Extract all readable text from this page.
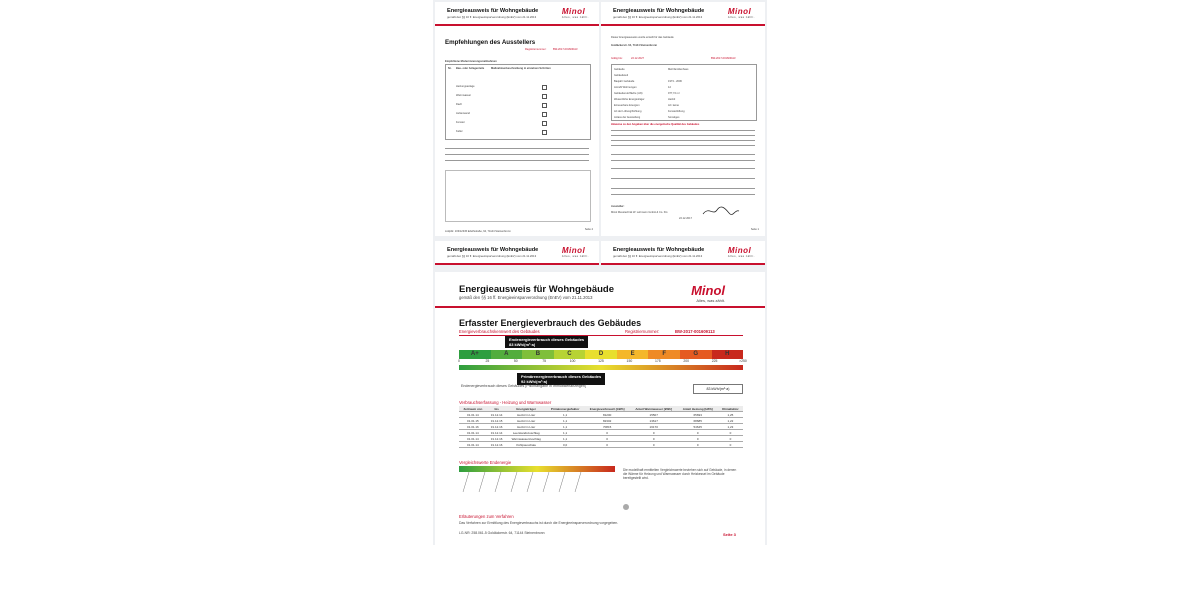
Energieausweis für Wohngebäude
gemäß den §§ 16 ff. Energieeinsparverordnung (EnEV) vom 21.11.2013
Minol
Alles, was zählt.
Empfehlungen des Ausstellers
Registriernummer:	BW-2017-001609113
Empfohlene Modernisierungsmaßnahmen
Nr. Bau- oder Anlagenteile	Maßnahmenbeschreibung in einzelnen Schritten
Heizungsanlage
Warmwasser
Dach
Außenwand
Fenster
Keller
Lüdpiltr. 103/12345 Edelhstraße, 64, 71144 Steinenbronn
Seite 4
Energieausweis für Wohngebäude
gemäß den §§ 16 ff. Energieeinsparverordnung (EnEV) vom 21.11.2013
Minol
Alles, was zählt.
Dieser Energieausweis wurde erstellt für das Gebäude
Goldäckerstr. 64, 71144 Steinenbronn
Gültig bis:	22.12.2027	BW-2017-001609113
Gebäude	Mehrfamilienhaus
Gebäudeteil
Baujahr Gebäude	1973 - 2006
Anzahl Wohnungen	12
Gebäudenutzfläche (AN)	977,72 m²
Wesentliche Energieträger	Heizöl
Erneuerbare Energien	Art: keine
Art der Lüftung/Kühlung	Fensterlüftung
Anlass der Ausstellung	Sonstiges
Hinweise zu den Angaben über die energetische Qualität des Gebäudes
Aussteller:
Minol Messtechnik W. Lehmann GmbH & Co. KG
22.12.2017
Seite 1
Energieausweis für Wohngebäude
gemäß den §§ 16 ff. Energieeinsparverordnung (EnEV) vom 21.11.2013
Minol
Alles, was zählt.
Energieausweis für Wohngebäude
gemäß den §§ 16 ff. Energieeinsparverordnung (EnEV) vom 21.11.2013
Minol
Alles, was zählt.
Energieausweis für Wohngebäude
gemäß den §§ 16 ff. Energieeinsparverordnung (EnEV) vom 21.11.2013	Minol
Alles, was zählt.
Erfasster Energieverbrauch des Gebäudes
Energieverbrauchskennwert des Gebäudes	Registriernummer:	BW-2017-001609113
Endenergieverbrauch dieses Gebäudes
83 kWh/(m²·a)
A+	A	B	C	D	E	F	G	H
0	25	50	75	100	125	150	175	200	225	>250
Primärenergieverbrauch dieses Gebäudes
92 kWh/(m²·a)
Endenergieverbrauch dieses Gebäudes [Pflichtangabe in Immobilienanzeigen]
83 kWh/(m²·a)
Verbrauchserfassung - Heizung und Warmwasser
Zeitraum von	bis	Energieträger	Primärenergiefaktor	Energieverbrauch [kWh]	Anteil Warmwasser [kWh]	Anteil Heizung [kWh]	Klimafaktor
01.01.14	31.12.14	Heizöl in Liter	1,1	81200	15507	65693	1,25
01.01.15	31.12.15	Heizöl in Liter	1,1	82302	13617	68685	1,22
01.01.16	31.12.16	Heizöl in Liter	1,1	70815	16170	54645	1,23
01.01.14	31.12.14	Leerstandszuschlag	1,1	0	0	0	0
01.01.14	31.12.16	Warmwasserzuschlag	1,1	0	0	0	0
01.01.14	31.12.16	Kühlpauschale	0,0	0	0	0	0
Vergleichswerte Endenergie
Die modellhaft ermittelten Vergleichswerte beziehen sich auf Gebäude, in denen die Wärme für Heizung und Warmwasser durch Heizkessel im Gebäude bereitgestellt wird.
Erläuterungen zum Verfahren
Das Verfahren zur Ermittlung des Energieverbrauchs ist durch die Energieeinsparverordnung vorgegeben.
LG-NR: 258.061-5 Goldäckerstr. 64, 71144 Steinenbronn	Seite 3
